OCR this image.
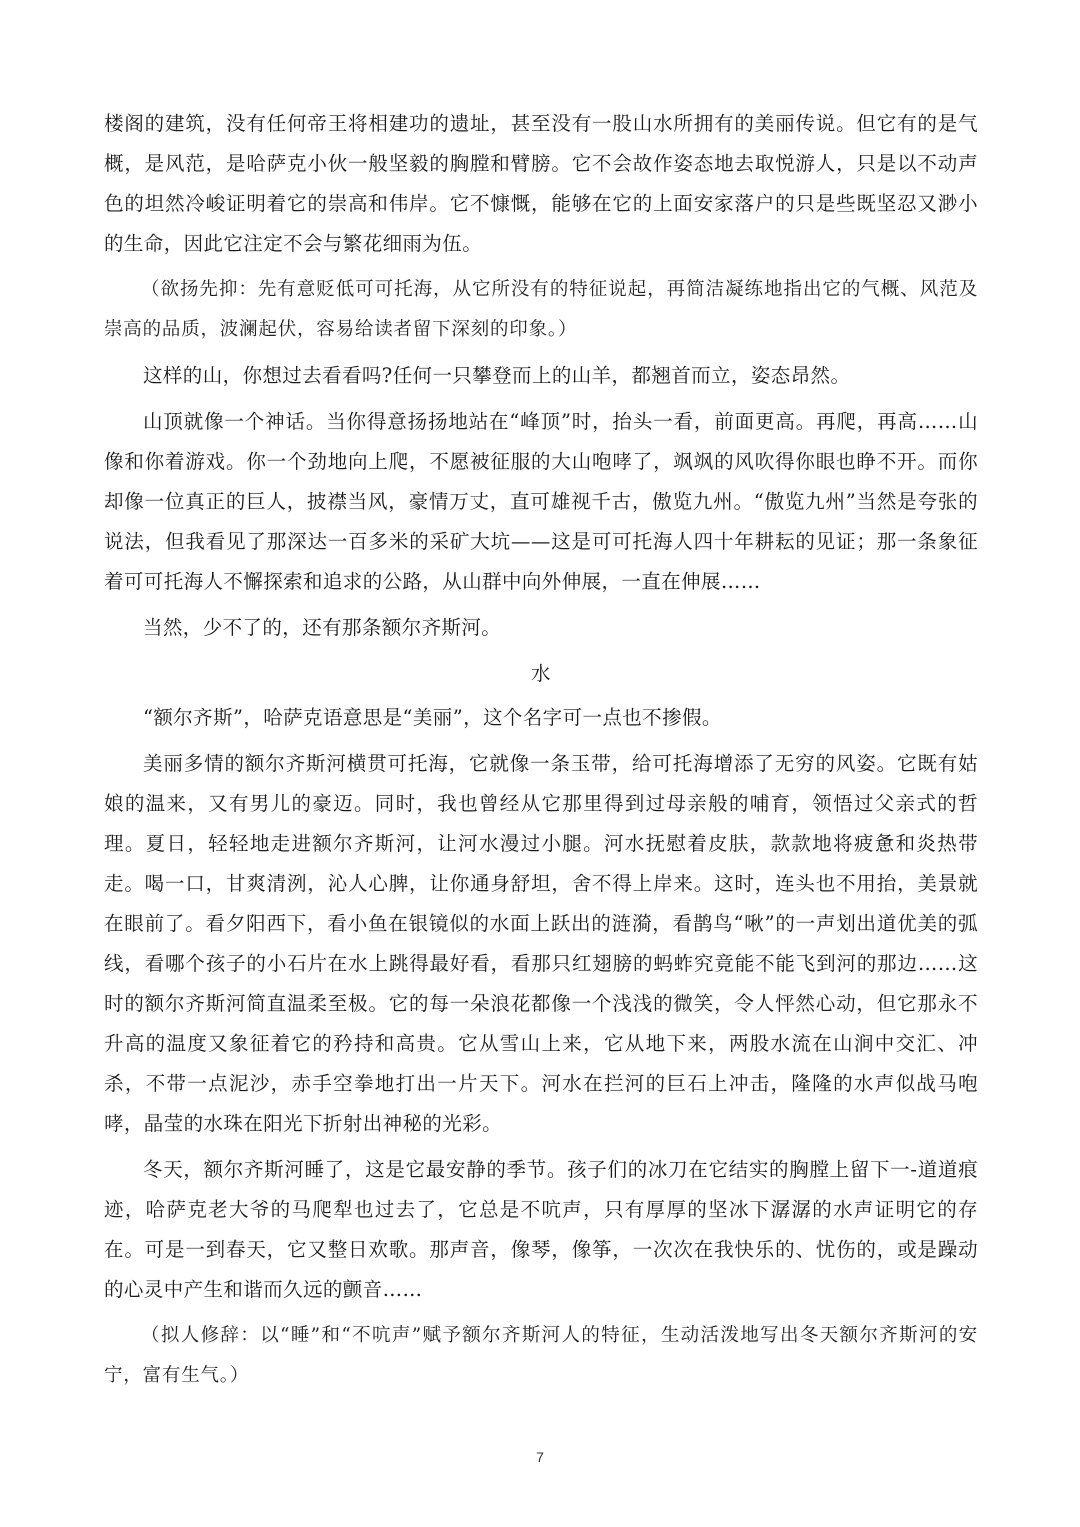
楼阁的建筑，没有任何帝王将相建功的遗址，甚至没有一股山水所拥有的美丽传说。但它有的是气概，是风范，是哈萨克小伙一般坚毅的胸膛和臂膀。它不会故作姿态地去取悦游人，只是以不动声色的坦然冷峻证明着它的崇高和伟岸。它不慷慨，能够在它的上面安家落户的只是些既坚忍又渺小的生命，因此它注定不会与繁花细雨为伍。

（欲扬先抑：先有意贬低可可托海，从它所没有的特征说起，再简洁凝练地指出它的气概、风范及崇高的品质，波澜起伏，容易给读者留下深刻的印象。）

这样的山，你想过去看看吗?任何一只攀登而上的山羊，都翘首而立，姿态昂然。

山顶就像一个神话。当你得意扬扬地站在“峰顶”时，抬头一看，前面更高。再爬，再高……山像和你着游戏。你一个劲地向上爬，不愿被征服的大山咆哮了，飒飒的风吹得你眼也睁不开。而你却像一位真正的巨人，披襟当风，豪情万丈，直可雄视千古，傲览九州。“傲览九州”当然是夸张的说法，但我看见了那深达一百多米的采矿大坑——这是可可托海人四十年耕耘的见证；那一条象征着可可托海人不懈探索和追求的公路，从山群中向外伸展，一直在伸展……

当然，少不了的，还有那条额尔齐斯河。

水

“额尔齐斯”，哈萨克语意思是“美丽”，这个名字可一点也不掺假。

美丽多情的额尔齐斯河横贯可托海，它就像一条玉带，给可托海增添了无穷的风姿。它既有姑娘的温来，又有男儿的豪迈。同时，我也曾经从它那里得到过母亲般的哺育，领悟过父亲式的哲理。夏日，轻轻地走进额尔齐斯河，让河水漫过小腿。河水抚慰着皮肤，款款地将疲惫和炎热带走。喝一口，甘爽清洌，沁人心脾，让你通身舒坦，舍不得上岸来。这时，连头也不用抬，美景就在眼前了。看夕阳西下，看小鱼在银镜似的水面上跃出的涟漪，看鹊鸟“啾”的一声划出道优美的弧线，看哪个孩子的小石片在水上跳得最好看，看那只红翅膀的蚂蚱究竟能不能飞到河的那边……这时的额尔齐斯河简直温柔至极。它的每一朵浪花都像一个浅浅的微笑，令人怦然心动，但它那永不升高的温度又象征着它的矜持和高贵。它从雪山上来，它从地下来，两股水流在山涧中交汇、冲杀，不带一点泥沙，赤手空拳地打出一片天下。河水在拦河的巨石上冲击，隆隆的水声似战马咆哮，晶莹的水珠在阳光下折射出神秘的光彩。

冬天，额尔齐斯河睡了，这是它最安静的季节。孩子们的冰刀在它结实的胸膛上留下一-道道痕迹，哈萨克老大爷的马爬犁也过去了，它总是不吭声，只有厚厚的坚冰下潺潺的水声证明它的存在。可是一到春天，它又整日欢歌。那声音，像琴，像筝，一次次在我快乐的、忧伤的，或是躁动的心灵中产生和谐而久远的颤音……

（拟人修辞：以“睡”和“不吭声”赋予额尔齐斯河人的特征，生动活泼地写出冬天额尔齐斯河的安宁，富有生气。）

7
